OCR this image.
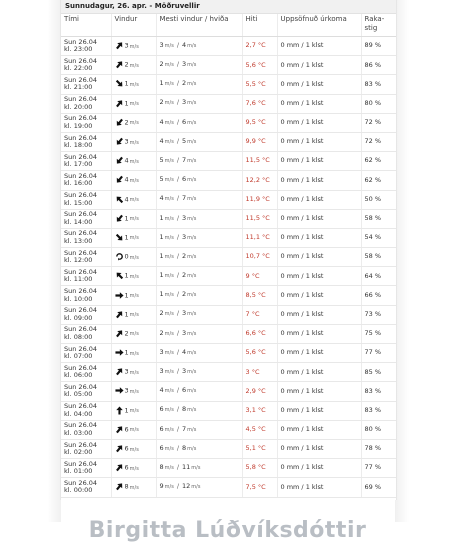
Sunnudagur, 26. apr. - Möðruvellir
Tími	Vindur	Mesti vindur / hviða	Hiti	Uppsöfnuð úrkoma	Raka-
stig

Sun 26.04
kl. 23:00	3m/s	3m/s / 4m/s	2,7 °C	0 mm / 1 klst	89 %

Sun 26.04
kl. 22:00	2m/s	2m/s / 3m/s	5,6 °C	0 mm / 1 klst	86 %

Sun 26.04
kl. 21:00	1m/s	1m/s / 2m/s	5,5 °C	0 mm / 1 klst	83 %

Sun 26.04
kl. 20:00	1m/s	2m/s / 3m/s	7,6 °C	0 mm / 1 klst	80 %

Sun 26.04
kl. 19:00	2m/s	4m/s / 6m/s	9,5 °C	0 mm / 1 klst	72 %

Sun 26.04
kl. 18:00	3m/s	4m/s / 5m/s	9,9 °C	0 mm / 1 klst	72 %

Sun 26.04
kl. 17:00	4m/s	5m/s / 7m/s	11,5 °C	0 mm / 1 klst	62 %

Sun 26.04
kl. 16:00	4m/s	5m/s / 6m/s	12,2 °C	0 mm / 1 klst	62 %

Sun 26.04
kl. 15:00	4m/s	4m/s / 7m/s	11,9 °C	0 mm / 1 klst	50 %

Sun 26.04
kl. 14:00	1m/s	1m/s / 3m/s	11,5 °C	0 mm / 1 klst	58 %

Sun 26.04
kl. 13:00	1m/s	1m/s / 3m/s	11,1 °C	0 mm / 1 klst	54 %

Sun 26.04
kl. 12:00	0m/s	1m/s / 2m/s	10,7 °C	0 mm / 1 klst	58 %

Sun 26.04
kl. 11:00	1m/s	1m/s / 2m/s	9 °C	0 mm / 1 klst	64 %

Sun 26.04
kl. 10:00	1m/s	1m/s / 2m/s	8,5 °C	0 mm / 1 klst	66 %

Sun 26.04
kl. 09:00	1m/s	2m/s / 3m/s	7 °C	0 mm / 1 klst	73 %

Sun 26.04
kl. 08:00	2m/s	2m/s / 3m/s	6,6 °C	0 mm / 1 klst	75 %

Sun 26.04
kl. 07:00	1m/s	3m/s / 4m/s	5,6 °C	0 mm / 1 klst	77 %

Sun 26.04
kl. 06:00	3m/s	3m/s / 3m/s	3 °C	0 mm / 1 klst	85 %

Sun 26.04
kl. 05:00	3m/s	4m/s / 6m/s	2,9 °C	0 mm / 1 klst	83 %

Sun 26.04
kl. 04:00	1m/s	6m/s / 8m/s	3,1 °C	0 mm / 1 klst	83 %

Sun 26.04
kl. 03:00	6m/s	6m/s / 7m/s	4,5 °C	0 mm / 1 klst	80 %

Sun 26.04
kl. 02:00	6m/s	6m/s / 8m/s	5,1 °C	0 mm / 1 klst	78 %

Sun 26.04
kl. 01:00	6m/s	8m/s / 11m/s	5,8 °C	0 mm / 1 klst	77 %

Sun 26.04
kl. 00:00	8m/s	9m/s / 12m/s	7,5 °C	0 mm / 1 klst	69 %
Birgitta Lúðvíksdóttir
